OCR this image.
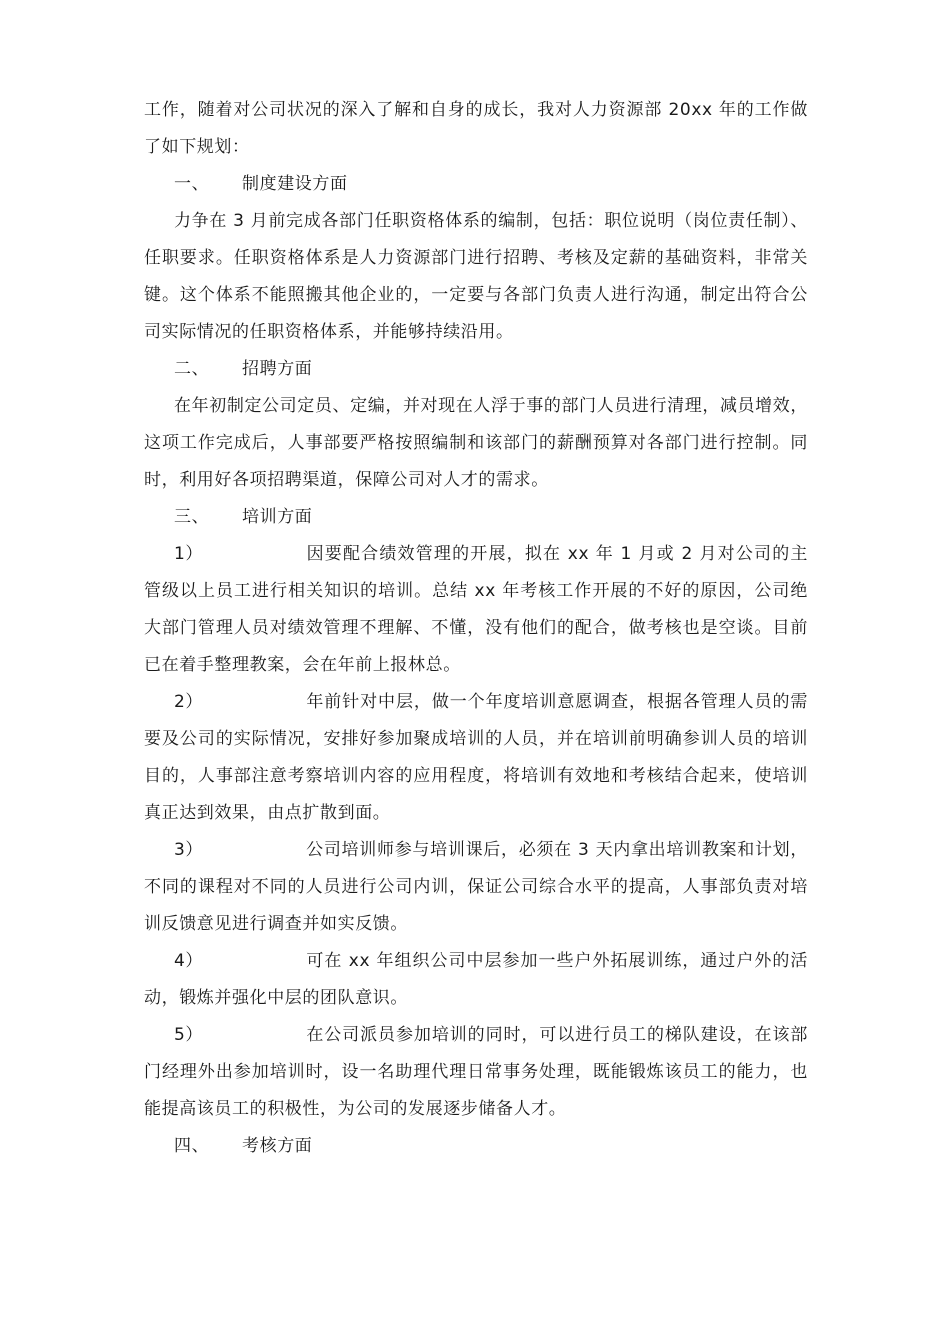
工作，随着对公司状况的深入了解和自身的成长，我对人力资源部 20xx 年的工作做了如下规划：

一、 制度建设方面

力争在 3 月前完成各部门任职资格体系的编制，包括：职位说明（岗位责任制）、任职要求。任职资格体系是人力资源部门进行招聘、考核及定薪的基础资料，非常关键。这个体系不能照搬其他企业的，一定要与各部门负责人进行沟通，制定出符合公司实际情况的任职资格体系，并能够持续沿用。

二、 招聘方面

在年初制定公司定员、定编，并对现在人浮于事的部门人员进行清理，减员增效，这项工作完成后，人事部要严格按照编制和该部门的薪酬预算对各部门进行控制。同时，利用好各项招聘渠道，保障公司对人才的需求。

三、 培训方面

1）	因要配合绩效管理的开展，拟在 xx 年 1 月或 2 月对公司的主管级以上员工进行相关知识的培训。总结 xx 年考核工作开展的不好的原因，公司绝大部门管理人员对绩效管理不理解、不懂，没有他们的配合，做考核也是空谈。目前已在着手整理教案，会在年前上报林总。

2）	年前针对中层，做一个年度培训意愿调查，根据各管理人员的需要及公司的实际情况，安排好参加聚成培训的人员，并在培训前明确参训人员的培训目的，人事部注意考察培训内容的应用程度，将培训有效地和考核结合起来，使培训真正达到效果，由点扩散到面。

3）	公司培训师参与培训课后，必须在 3 天内拿出培训教案和计划，不同的课程对不同的人员进行公司内训，保证公司综合水平的提高，人事部负责对培训反馈意见进行调查并如实反馈。

4）	可在 xx 年组织公司中层参加一些户外拓展训练，通过户外的活动，锻炼并强化中层的团队意识。

5）	在公司派员参加培训的同时，可以进行员工的梯队建设，在该部门经理外出参加培训时，设一名助理代理日常事务处理，既能锻炼该员工的能力，也能提高该员工的积极性，为公司的发展逐步储备人才。

四、 考核方面
